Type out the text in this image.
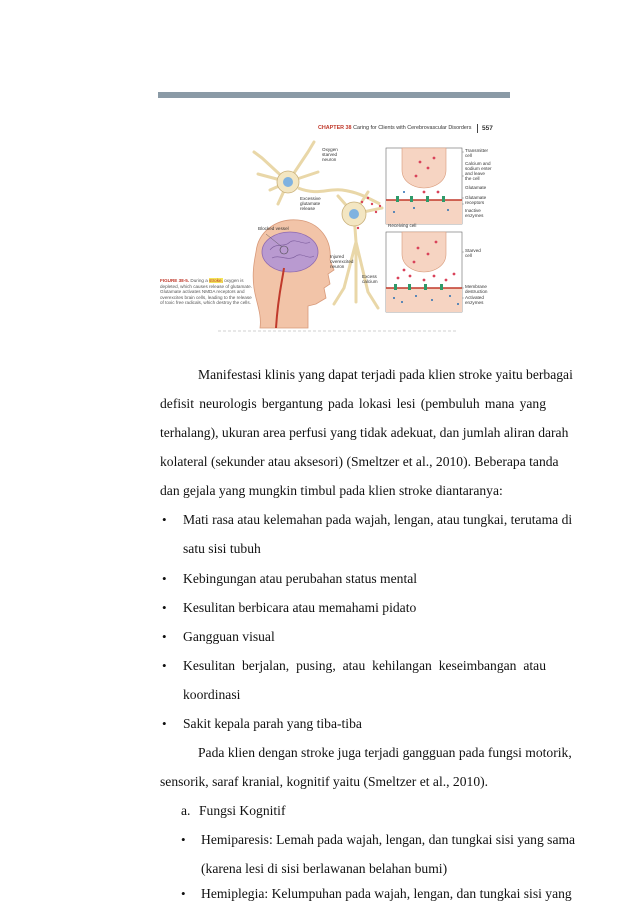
CHAPTER 38 Caring for Clients with Cerebrovascular Disorders 557
Oxygen
starved
neuron
Excessive
glutamate
release
Blocked vessel
Injured
overexcited
neuron
Excess
calcium
Receiving cell
Transmitter
cell
Calcium and
sodium enter
and leave
the cell
Glutamate
Glutamate
receptors
Inactive
enzymes
Starved
cell
Membrane
destruction
Activated
enzymes
FIGURE 38-5. During a stroke, oxygen is depleted, which causes release of glutamate. Glutamate activates NMDA receptors and overexcites brain cells, leading to the release of toxic free radicals, which destroy the cells.
Manifestasi klinis yang dapat terjadi pada klien stroke yaitu berbagai
defisit neurologis bergantung pada lokasi lesi (pembuluh mana yang
terhalang), ukuran area perfusi yang tidak adekuat, dan jumlah aliran darah
kolateral (sekunder atau aksesori) (Smeltzer et al., 2010). Beberapa tanda
dan gejala yang mungkin timbul pada klien stroke diantaranya:
• Mati rasa atau kelemahan pada wajah, lengan, atau tungkai, terutama di
satu sisi tubuh
• Kebingungan atau perubahan status mental
• Kesulitan berbicara atau memahami pidato
• Gangguan visual
• Kesulitan berjalan, pusing, atau kehilangan keseimbangan atau
koordinasi
• Sakit kepala parah yang tiba-tiba
Pada klien dengan stroke juga terjadi gangguan pada fungsi motorik,
sensorik, saraf kranial, kognitif yaitu (Smeltzer et al., 2010).
a. Fungsi Kognitif
• Hemiparesis: Lemah pada wajah, lengan, dan tungkai sisi yang sama
(karena lesi di sisi berlawanan belahan bumi)
• Hemiplegia: Kelumpuhan pada wajah, lengan, dan tungkai sisi yang
